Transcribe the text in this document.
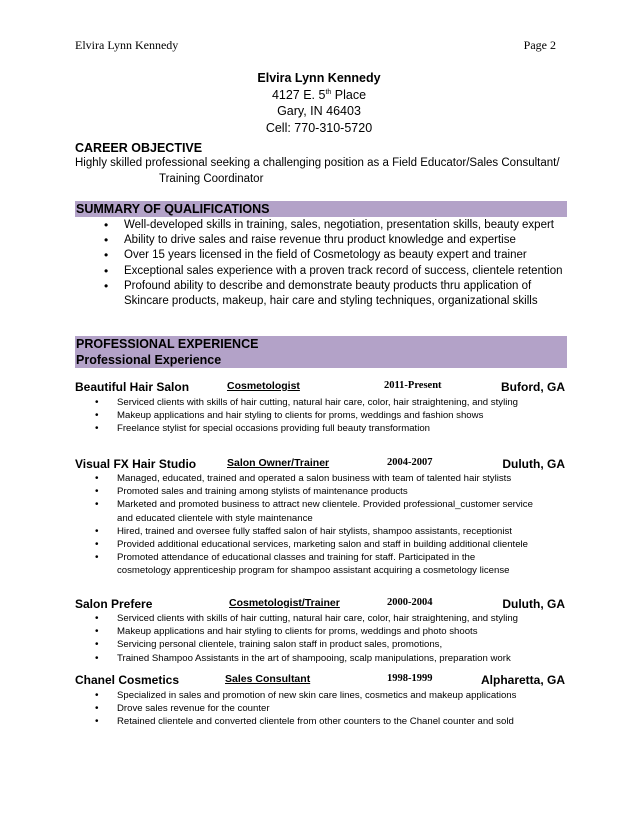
Elvira Lynn Kennedy	Page 2
Elvira Lynn Kennedy
4127 E. 5th Place
Gary, IN 46403
Cell: 770-310-5720
CAREER OBJECTIVE
Highly skilled professional seeking a challenging position as a Field Educator/Sales Consultant/
Training Coordinator
SUMMARY OF QUALIFICATIONS
• Well-developed skills in training, sales, negotiation, presentation skills, beauty expert
• Ability to drive sales and raise revenue thru product knowledge and expertise
• Over 15 years licensed in the field of Cosmetology as beauty expert and trainer
• Exceptional sales experience with a proven track record of success, clientele retention
• Profound ability to describe and demonstrate beauty products thru application of
Skincare products, makeup, hair care and styling techniques, organizational skills
PROFESSIONAL EXPERIENCE
Professional Experience
Beautiful Hair Salon	Cosmetologist	2011-Present	Buford, GA
• Serviced clients with skills of hair cutting, natural hair care, color, hair straightening, and styling
• Makeup applications and hair styling to clients for proms, weddings and fashion shows
• Freelance stylist for special occasions providing full beauty transformation
Visual FX Hair Studio	Salon Owner/Trainer	2004-2007	Duluth, GA
• Managed, educated, trained and operated a salon business with team of talented hair stylists
• Promoted sales and training among stylists of maintenance products
• Marketed and promoted business to attract new clientele. Provided professional_customer service
and educated clientele with style maintenance
• Hired, trained and oversee fully staffed salon of hair stylists, shampoo assistants, receptionist
• Provided additional educational services, marketing salon and staff in building additional clientele
• Promoted attendance of educational classes and training for staff. Participated in the
cosmetology apprenticeship program for shampoo assistant acquiring a cosmetology license
Salon Prefere	Cosmetologist/Trainer	2000-2004	Duluth, GA
• Serviced clients with skills of hair cutting, natural hair care, color, hair straightening, and styling
• Makeup applications and hair styling to clients for proms, weddings and photo shoots
• Servicing personal clientele, training salon staff in product sales, promotions,
• Trained Shampoo Assistants in the art of shampooing, scalp manipulations, preparation work
Chanel Cosmetics	Sales Consultant	1998-1999	Alpharetta, GA
• Specialized in sales and promotion of new skin care lines, cosmetics and makeup applications
• Drove sales revenue for the counter
• Retained clientele and converted clientele from other counters to the Chanel counter and sold
